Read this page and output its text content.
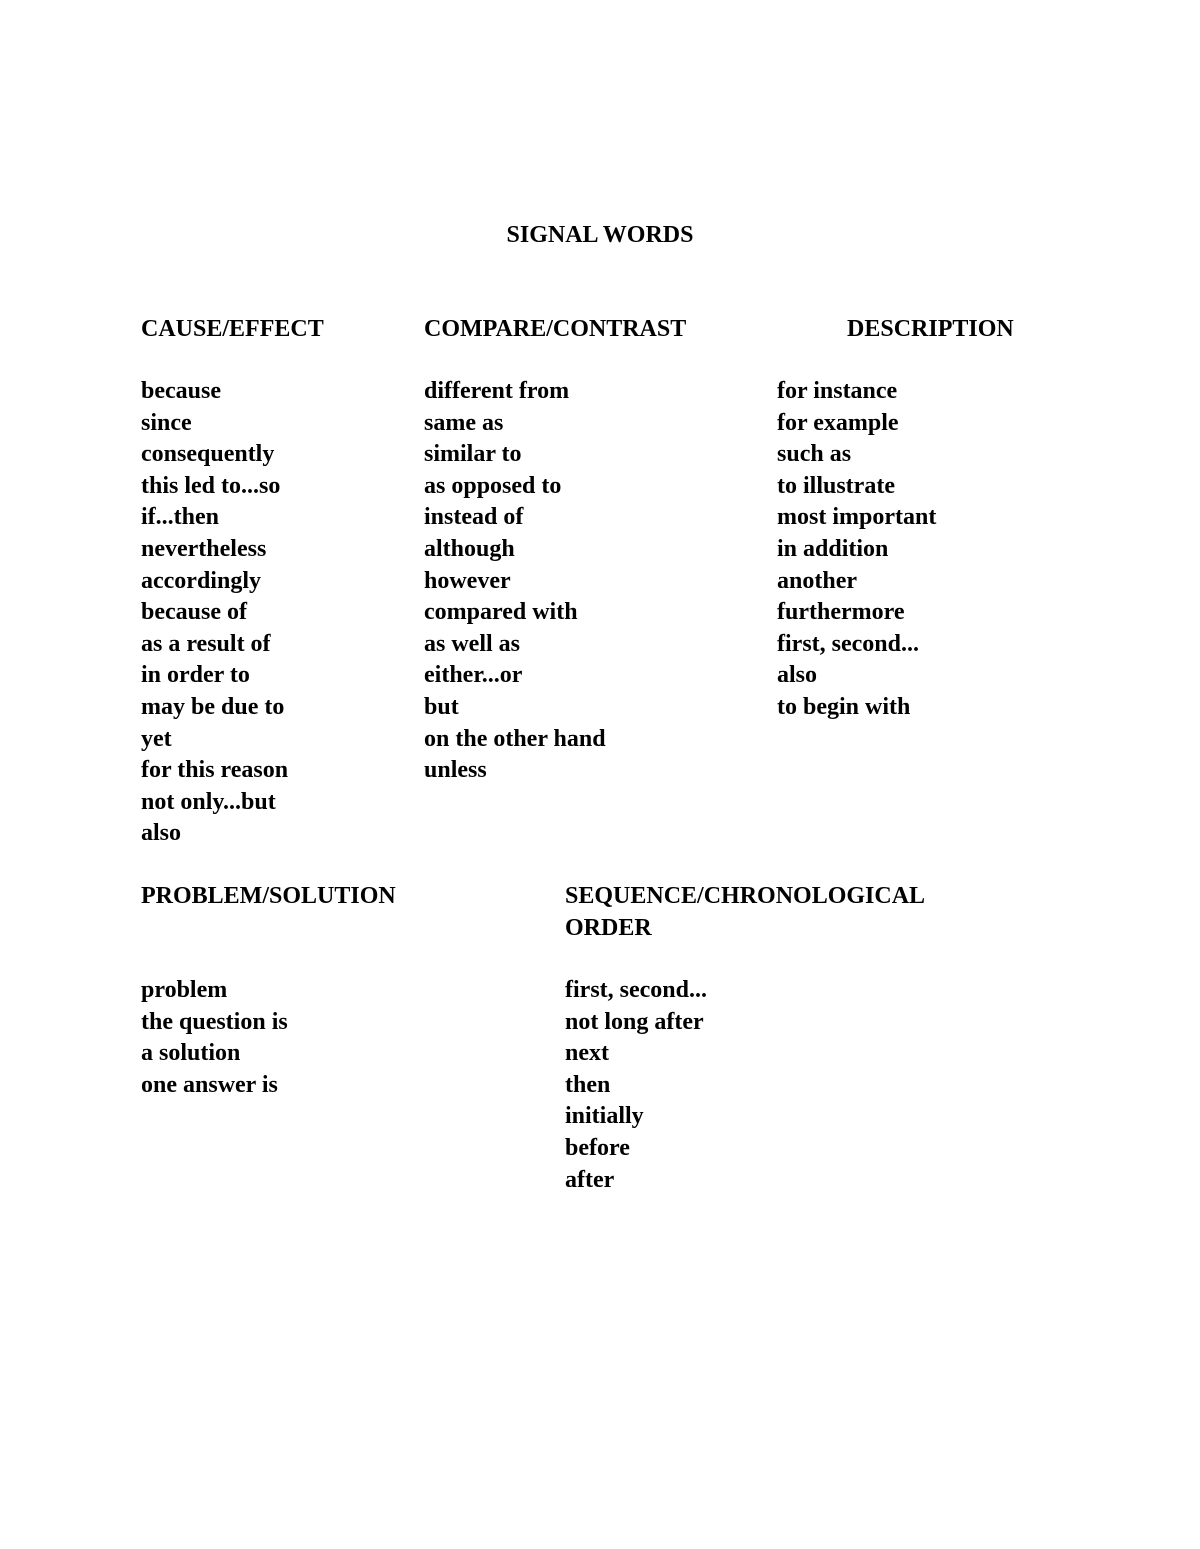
SIGNAL WORDS
CAUSE/EFFECT
because
since
consequently
this led to...so
if...then
nevertheless
accordingly
because of
as a result of
in order to
may be due to
yet
for this reason
not only...but
also
COMPARE/CONTRAST
different from
same as
similar to
as opposed to
instead of
although
however
compared with
as well as
either...or
but
on the other hand
unless
DESCRIPTION
for instance
for example
such as
to illustrate
most important
in addition
another
furthermore
first, second...
also
to begin with
PROBLEM/SOLUTION
problem
the question is
a solution
one answer is
SEQUENCE/CHRONOLOGICAL
ORDER
first, second...
not long after
next
then
initially
before
after
